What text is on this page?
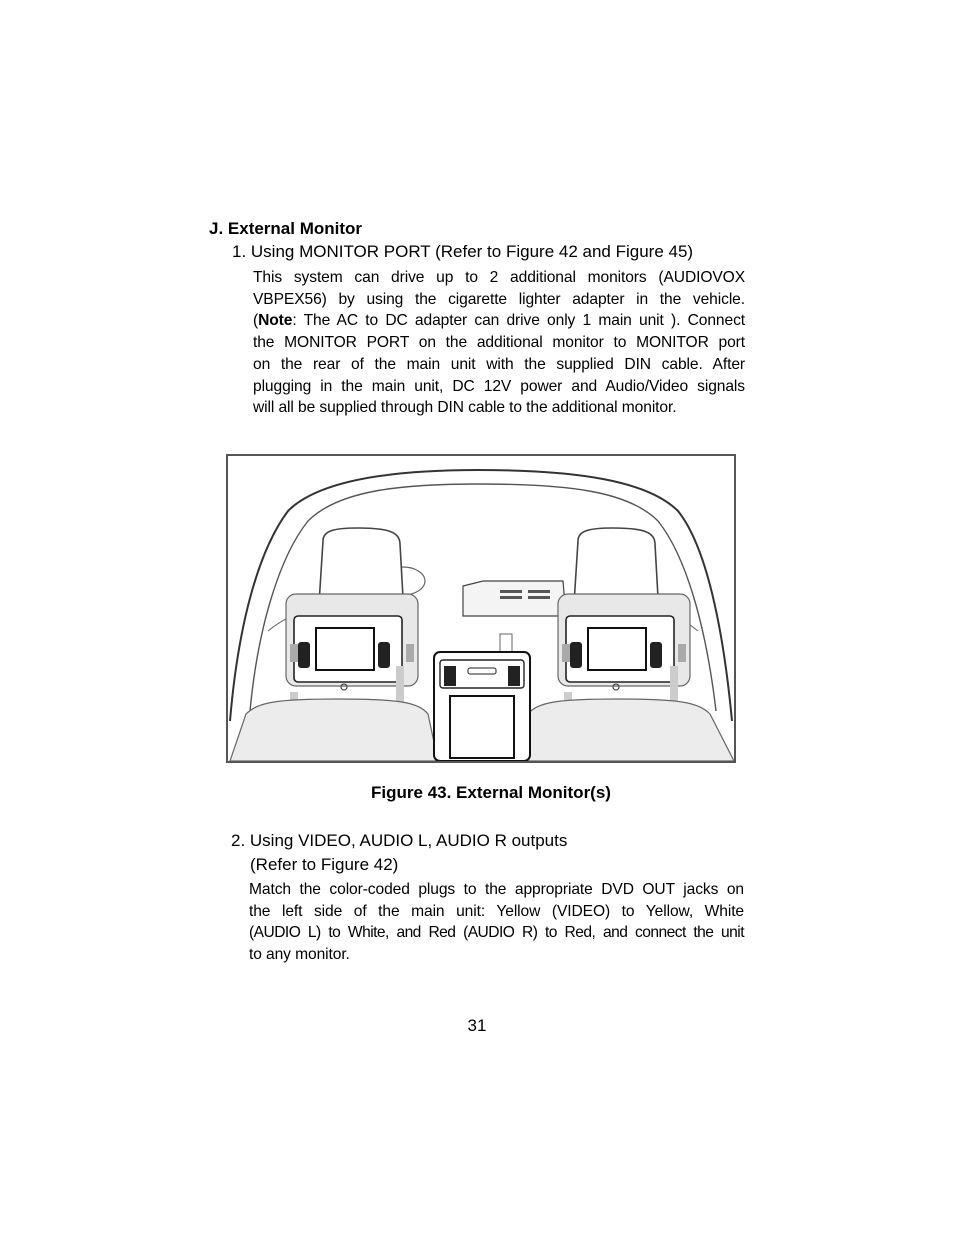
J. External Monitor

1. Using MONITOR PORT (Refer to Figure 42 and Figure 45)

This system can drive up to 2 additional monitors (AUDIOVOX
VBPEX56) by using the cigarette lighter adapter in the vehicle.
(Note: The AC to DC adapter can drive only 1 main unit ). Connect
the MONITOR PORT on the additional monitor to MONITOR port
on the rear of the main unit with the supplied DIN cable. After
plugging in the main unit, DC 12V power and Audio/Video signals
will all be supplied through DIN cable to the additional monitor.

Figure 43. External Monitor(s)

2. Using VIDEO, AUDIO L, AUDIO R outputs

(Refer to Figure 42)

Match the color-coded plugs to the appropriate DVD OUT jacks on
the left side of the main unit: Yellow (VIDEO) to Yellow, White
(AUDIO L) to White, and Red (AUDIO R) to Red, and connect the unit
to any monitor.

31
